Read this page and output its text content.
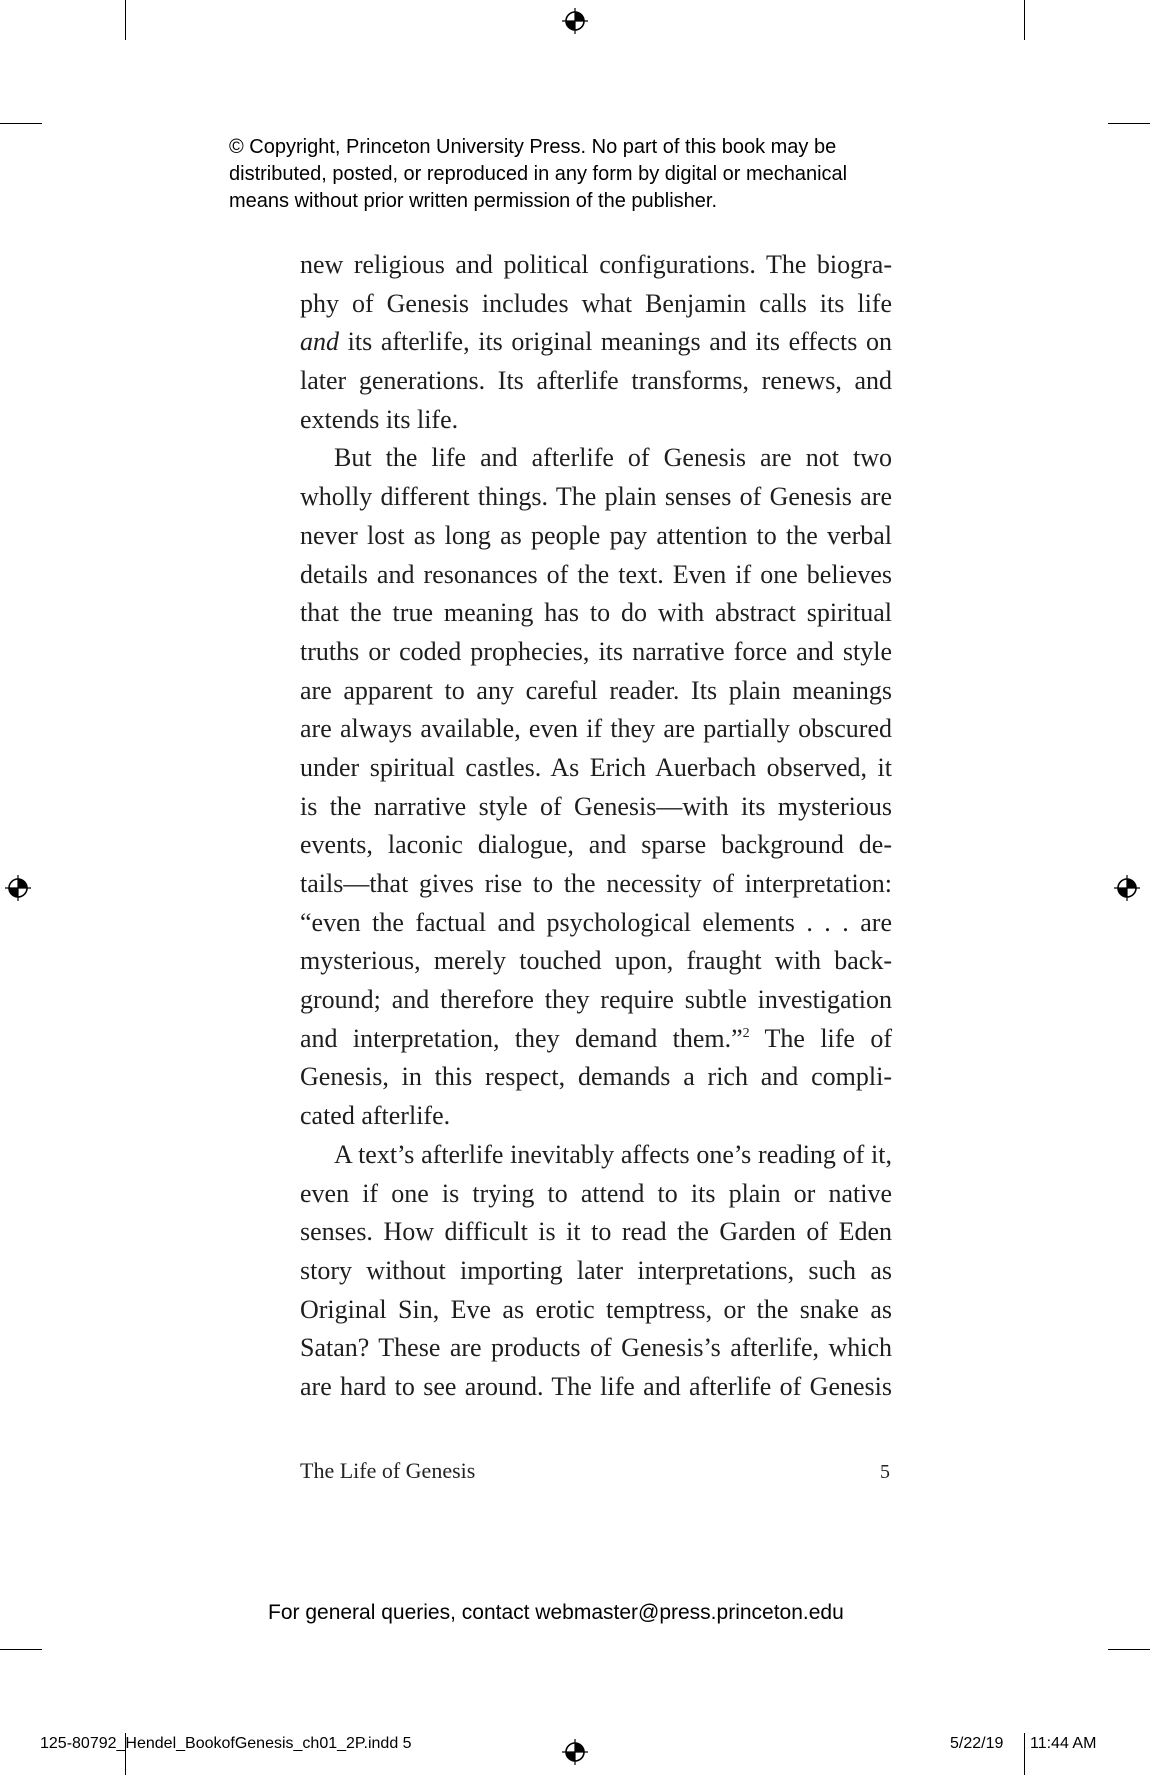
© Copyright, Princeton University Press. No part of this book may be
distributed, posted, or reproduced in any form by digital or mechanical
means without prior written permission of the publisher.
new religious and political configurations. The biogra-
phy of Genesis includes what Benjamin calls its life
and its afterlife, its original meanings and its effects on
later generations. Its afterlife transforms, renews, and
extends its life.
But the life and afterlife of Genesis are not two
wholly different things. The plain senses of Genesis are
never lost as long as people pay attention to the verbal
details and resonances of the text. Even if one believes
that the true meaning has to do with abstract spiritual
truths or coded prophecies, its narrative force and style
are apparent to any careful reader. Its plain meanings
are always available, even if they are partially obscured
under spiritual castles. As Erich Auerbach observed, it
is the narrative style of Genesis—with its mysterious
events, laconic dialogue, and sparse background de-
tails—that gives rise to the necessity of interpretation:
“even the factual and psychological elements . . . are
mysterious, merely touched upon, fraught with back-
ground; and therefore they require subtle investigation
and interpretation, they demand them.”$^2$ The life of
Genesis, in this respect, demands a rich and compli-
cated afterlife.
A text’s afterlife inevitably affects one’s reading of it,
even if one is trying to attend to its plain or native
senses. How difficult is it to read the Garden of Eden
story without importing later interpretations, such as
Original Sin, Eve as erotic temptress, or the snake as
Satan? These are products of Genesis’s afterlife, which
are hard to see around. The life and afterlife of Genesis
The Life of Genesis	5
For general queries, contact webmaster@press.princeton.edu
125-80792_Hendel_BookofGenesis_ch01_2P.indd 5	5/22/19 11:44 AM
